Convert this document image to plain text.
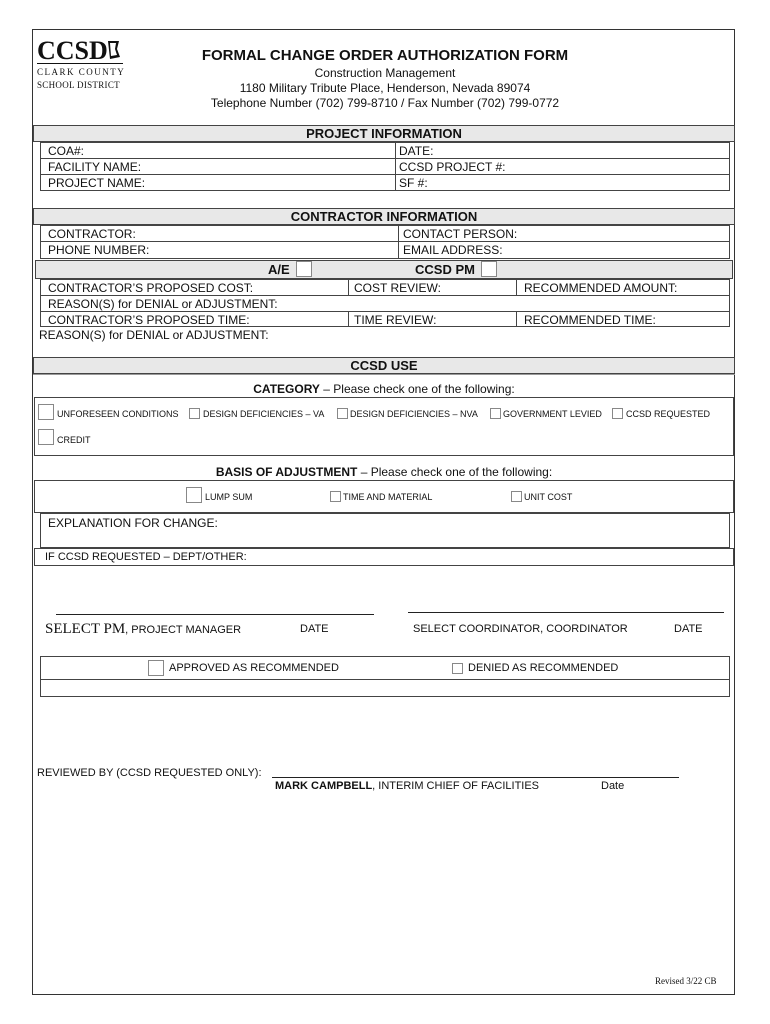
CCSD
CLARK COUNTY
SCHOOL DISTRICT
FORMAL CHANGE ORDER AUTHORIZATION FORM
Construction Management
1180 Military Tribute Place, Henderson, Nevada 89074
Telephone Number (702) 799-8710 / Fax Number (702) 799-0772
PROJECT INFORMATION
COA#:	DATE:
FACILITY NAME:	CCSD PROJECT #:
PROJECT NAME:	SF #:
CONTRACTOR INFORMATION
CONTRACTOR:	CONTACT PERSON:
PHONE NUMBER:	EMAIL ADDRESS:
A/E	CCSD PM
CONTRACTOR’S PROPOSED COST:	COST REVIEW:	RECOMMENDED AMOUNT:
REASON(S) for DENIAL or ADJUSTMENT:
CONTRACTOR’S PROPOSED TIME:	TIME REVIEW:	RECOMMENDED TIME:
REASON(S) for DENIAL or ADJUSTMENT:
CCSD USE
CATEGORY – Please check one of the following:
UNFORESEEN CONDITIONS	DESIGN DEFICIENCIES – VA	DESIGN DEFICIENCIES – NVA	GOVERNMENT LEVIED	CCSD REQUESTED
CREDIT
BASIS OF ADJUSTMENT – Please check one of the following:
LUMP SUM	TIME AND MATERIAL	UNIT COST
EXPLANATION FOR CHANGE:
IF CCSD REQUESTED – DEPT/OTHER:
SELECT PM, PROJECT MANAGER	DATE	SELECT COORDINATOR, COORDINATOR	DATE
APPROVED AS RECOMMENDED	DENIED AS RECOMMENDED
REVIEWED BY (CCSD REQUESTED ONLY):
MARK CAMPBELL, INTERIM CHIEF OF FACILITIES	Date
Revised 3/22 CB
